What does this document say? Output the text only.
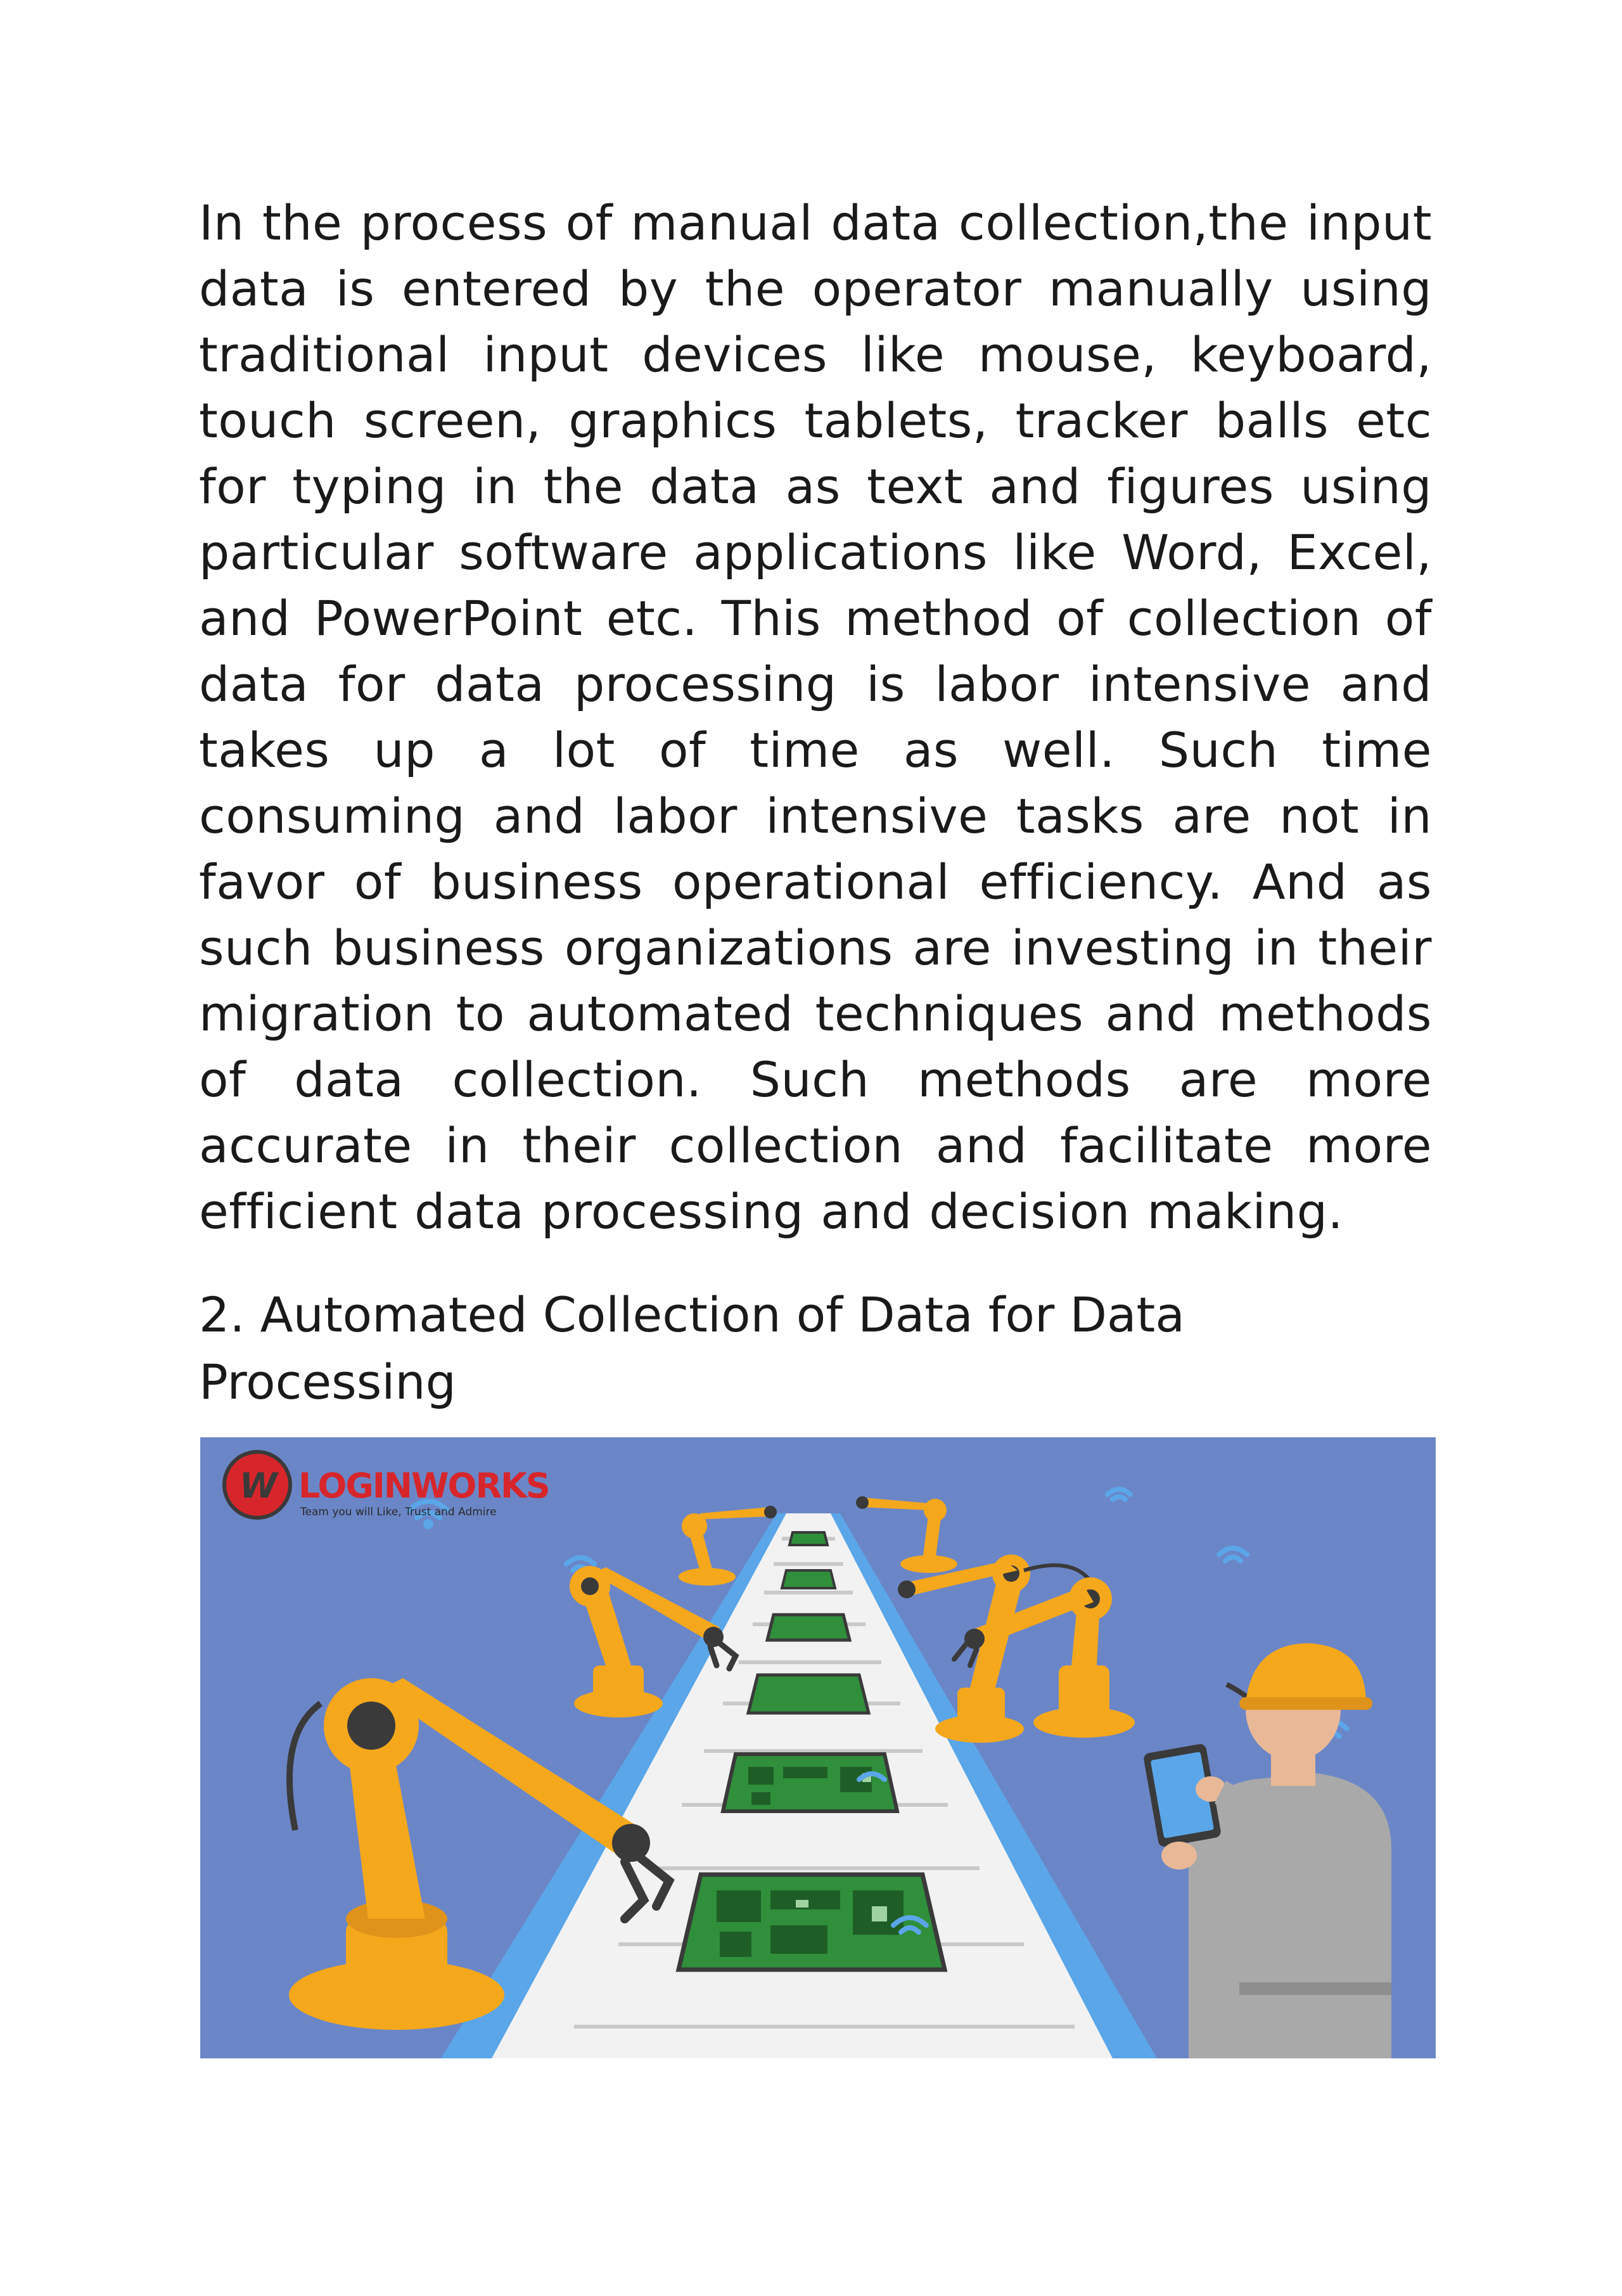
In the process of manual data collection,the input data is entered by the operator manually using traditional input devices like mouse, keyboard, touch screen, graphics tablets, tracker balls etc for typing in the data as text and figures using particular software applications like Word, Excel, and PowerPoint etc. This method of collection of data for data processing is labor intensive and takes up a lot of time as well. Such time consuming and labor intensive tasks are not in favor of business operational efficiency. And as such business organizations are investing in their migration to automated techniques and methods of data collection. Such methods are more accurate in their collection and facilitate more efficient data processing and decision making.

2. Automated Collection of Data for Data Processing
W LOGINWORKS
Team you will Like, Trust and Admire
